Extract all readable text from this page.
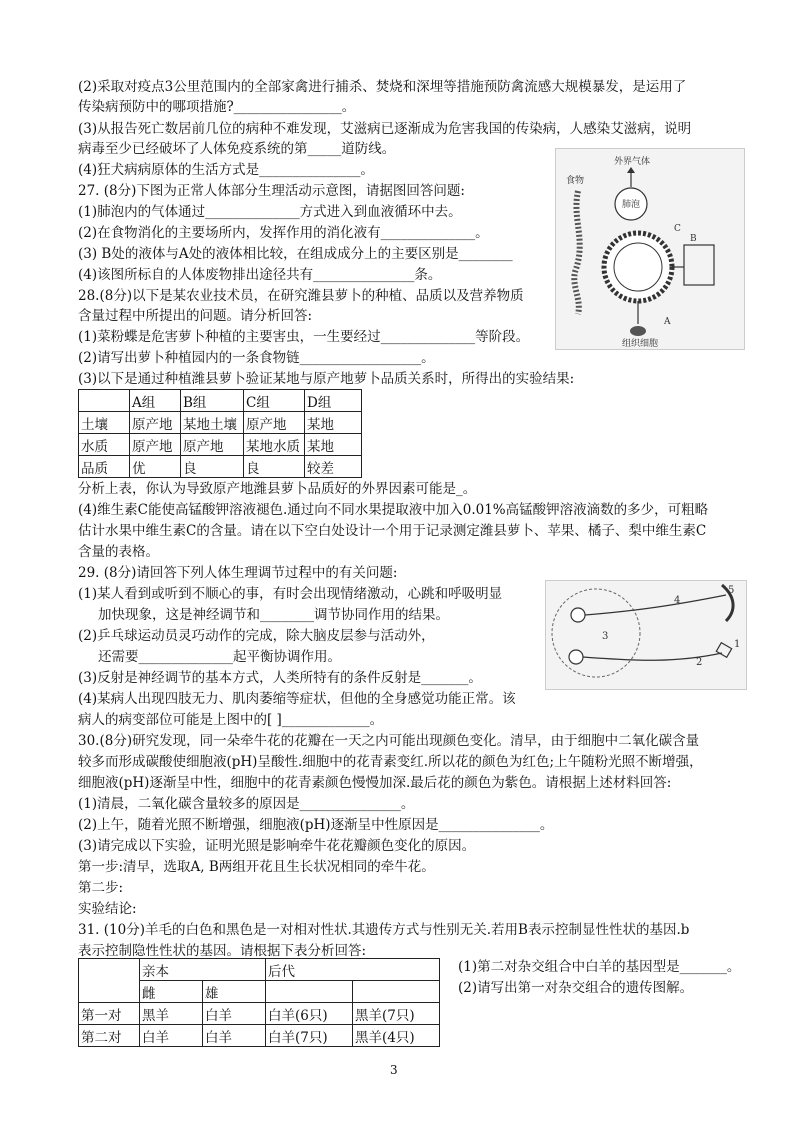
(2)采取对疫点3公里范围内的全部家禽进行捕杀、焚烧和深埋等措施预防禽流感大规模暴发，是运用了
传染病预防中的哪项措施?________________。
(3)从报告死亡数居前几位的病种不难发现，艾滋病已逐渐成为危害我国的传染病，人感染艾滋病，说明
病毒至少已经破坏了人体免疫系统的第_____道防线。
(4)狂犬病病原体的生活方式是_______________。
27. (8分)下图为正常人体部分生理活动示意图，请据图回答问题:
(1)肺泡内的气体通过______________方式进入到血液循环中去。
(2)在食物消化的主要场所内，发挥作用的消化液有______________。
(3) B处的液体与A处的液体相比较，在组成成分上的主要区别是________
(4)该图所标自的人体废物排出途径共有_______________条。
28.(8分)以下是某农业技术员，在研究潍县萝卜的种植、品质以及营养物质
含量过程中所提出的问题。请分析回答:
(1)菜粉蝶是危害萝卜种植的主要害虫，一生要经过______________等阶段。
(2)请写出萝卜种植园内的一条食物链__________________。
(3)以下是通过种植潍县萝卜验证某地与原产地萝卜品质关系时，所得出的实验结果:
	A组	B组	C组	D组
土壤	原产地	某地土壤	原产地	某地
水质	原产地	原产地	某地水质	某地
品质	优	良	良	较差
分析上表，你认为导致原产地潍县萝卜品质好的外界因素可能是_。
(4)维生素C能使高锰酸钾溶液褪色.通过向不同水果提取液中加入0.01%高锰酸钾溶液滴数的多少，可粗略
估计水果中维生素C的含量。请在以下空白处设计一个用于记录测定潍县萝卜、苹果、橘子、梨中维生素C
含量的表格。
29. (8分)请回答下列人体生理调节过程中的有关问题:
(1)某人看到或听到不顺心的事，有时会出现情绪激动，心跳和呼吸明显
加快现象，这是神经调节和________调节协同作用的结果。
(2)乒乓球运动员灵巧动作的完成，除大脑皮层参与活动外，
还需要______________起平衡协调作用。
(3)反射是神经调节的基本方式，人类所特有的条件反射是_______。
(4)某病人出现四肢无力、肌肉萎缩等症状，但他的全身感觉功能正常。该
病人的病变部位可能是上图中的[ ]_____________。
30.(8分)研究发现，同一朵牵牛花的花瓣在一天之内可能出现颜色变化。清早，由于细胞中二氧化碳含量
较多而形成碳酸使细胞液(pH)呈酸性.细胞中的花青素变红.所以花的颜色为红色;上午随粉光照不断增强，
细胞液(pH)逐渐呈中性，细胞中的花青素颜色慢慢加深.最后花的颜色为紫色。请根据上述材料回答:
(1)清晨，二氧化碳含量较多的原因是_______________。
(2)上午，随着光照不断增强，细胞液(pH)逐渐呈中性原因是_______________。
(3)请完成以下实验，证明光照是影响牵牛花花瓣颜色变化的原因。
第一步:清早，选取A, B两组开花且生长状况相同的牵牛花。
第二步:
实验结论:
31. (10分)羊毛的白色和黑色是一对相对性状.其遗传方式与性别无关.若用B表示控制显性性状的基因.b
表示控制隐性性状的基因。请根据下表分析回答:
	亲本		后代	
	雌	雄		
第一对	黑羊	白羊	白羊(6只)	黑羊(7只)
第二对	白羊	白羊	白羊(7只)	黑羊(4只)
(1)第二对杂交组合中白羊的基因型是_______。
(2)请写出第一对杂交组合的遗传图解。
外界气体
肺泡
食物
C
B
A
组织细胞
3
4
5
2
1
3
